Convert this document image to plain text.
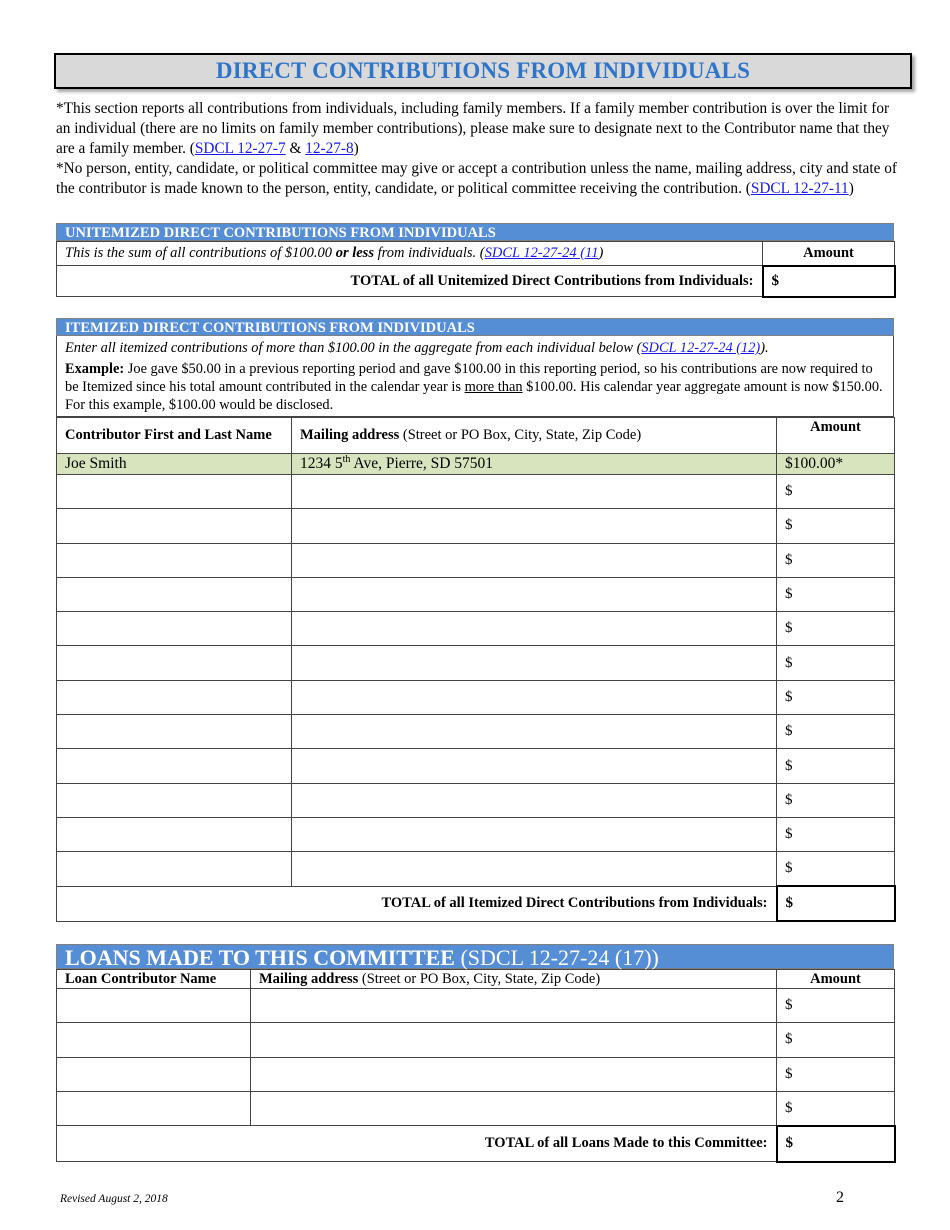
DIRECT CONTRIBUTIONS FROM INDIVIDUALS

*This section reports all contributions from individuals, including family members. If a family member contribution is over the limit for an individual (there are no limits on family member contributions), please make sure to designate next to the Contributor name that they are a family member. (SDCL 12-27-7 & 12-27-8)

*No person, entity, candidate, or political committee may give or accept a contribution unless the name, mailing address, city and state of the contributor is made known to the person, entity, candidate, or political committee receiving the contribution. (SDCL 12-27-11)

UNITEMIZED DIRECT CONTRIBUTIONS FROM INDIVIDUALS
This is the sum of all contributions of $100.00 or less from individuals. (SDCL 12-27-24 (11)	Amount
TOTAL of all Unitemized Direct Contributions from Individuals:	$
ITEMIZED DIRECT CONTRIBUTIONS FROM INDIVIDUALS
Enter all itemized contributions of more than $100.00 in the aggregate from each individual below (SDCL 12-27-24 (12)).
Example: Joe gave $50.00 in a previous reporting period and gave $100.00 in this reporting period, so his contributions are now required to be Itemized since his total amount contributed in the calendar year is more than $100.00. His calendar year aggregate amount is now $150.00. For this example, $100.00 would be disclosed.
Contributor First and Last Name	Mailing address (Street or PO Box, City, State, Zip Code)	Amount
Joe Smith	1234 5th Ave, Pierre, SD 57501	$100.00*
		$
		$
		$
		$
		$
		$
		$
		$
		$
		$
		$
		$
TOTAL of all Itemized Direct Contributions from Individuals:		$
LOANS MADE TO THIS COMMITTEE (SDCL 12-27-24 (17))
Loan Contributor Name	Mailing address (Street or PO Box, City, State, Zip Code)	Amount
		$
		$
		$
		$
TOTAL of all Loans Made to this Committee:		$
Revised August 2, 2018	2
